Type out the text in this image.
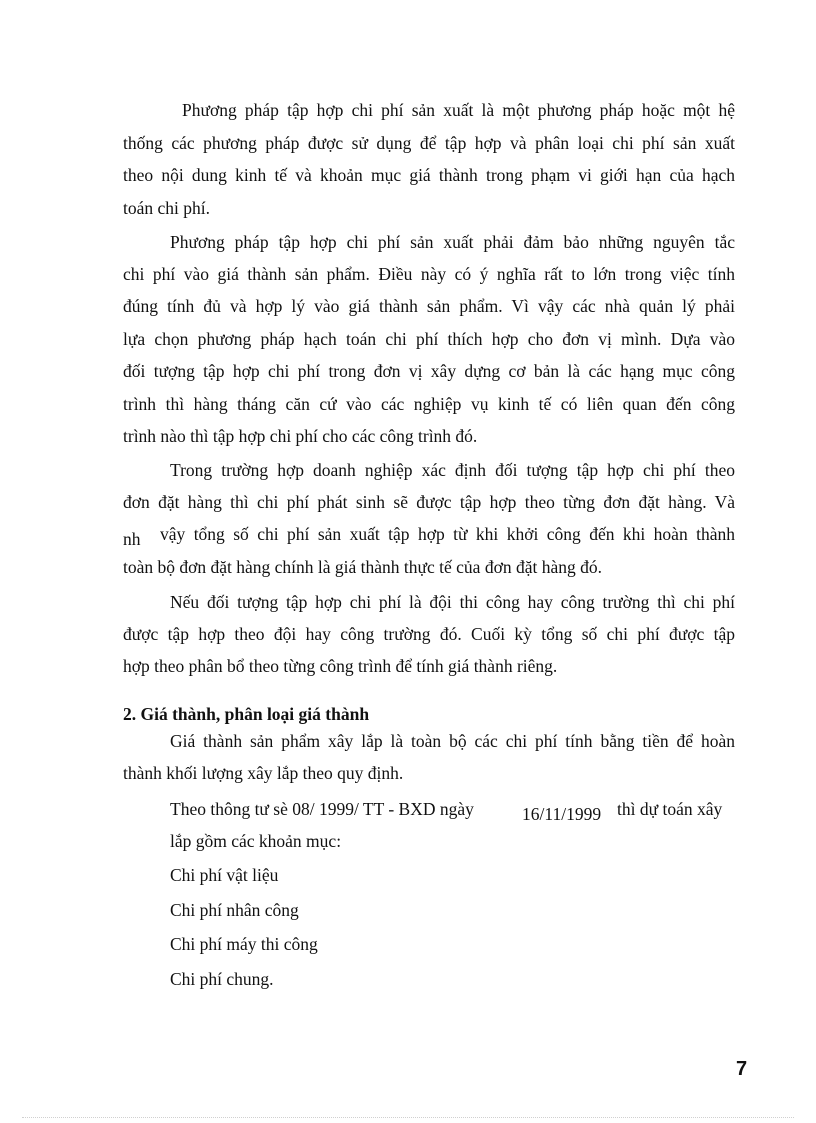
Phương pháp tập hợp chi phí sản xuất là một phương pháp hoặc một hệ
thống các phương pháp được sử dụng để tập hợp và phân loại chi phí sản xuất
theo nội dung kinh tế và khoản mục giá thành trong phạm vi giới hạn của hạch
toán chi phí.
Phương pháp tập hợp chi phí sản xuất phải đảm bảo những nguyên tắc
chi phí vào giá thành sản phẩm. Điều này có ý nghĩa rất to lớn trong việc tính
đúng tính đủ và hợp lý vào giá thành sản phẩm. Vì vậy các nhà quản lý phải
lựa chọn phương pháp hạch toán chi phí thích hợp cho đơn vị mình. Dựa vào
đối tượng tập hợp chi phí trong đơn vị xây dựng cơ bản là các hạng mục công
trình thì hàng tháng căn cứ vào các nghiệp vụ kinh tế có liên quan đến công
trình nào thì tập hợp chi phí cho các công trình đó.
Trong trường hợp doanh nghiệp xác định đối tượng tập hợp chi phí theo
đơn đặt hàng thì chi phí phát sinh sẽ được tập hợp theo từng đơn đặt hàng. Và
nh vậy tổng số chi phí sản xuất tập hợp từ khi khởi công đến khi hoàn thành
toàn bộ đơn đặt hàng chính là giá thành thực tế của đơn đặt hàng đó.
Nếu đối tượng tập hợp chi phí là đội thi công hay công trường thì chi phí
được tập hợp theo đội hay công trường đó. Cuối kỳ tổng số chi phí được tập
hợp theo phân bổ theo từng công trình để tính giá thành riêng.
2. Giá thành, phân loại giá thành
Giá thành sản phẩm xây lắp là toàn bộ các chi phí tính bằng tiền để hoàn
thành khối lượng xây lắp theo quy định.
Theo thông tư sè 08/ 1999/ TT - BXD ngày	16/11/1999 thì dự toán xây
lắp gồm các khoản mục:
Chi phí vật liệu
Chi phí nhân công
Chi phí máy thi công
Chi phí chung.
7
